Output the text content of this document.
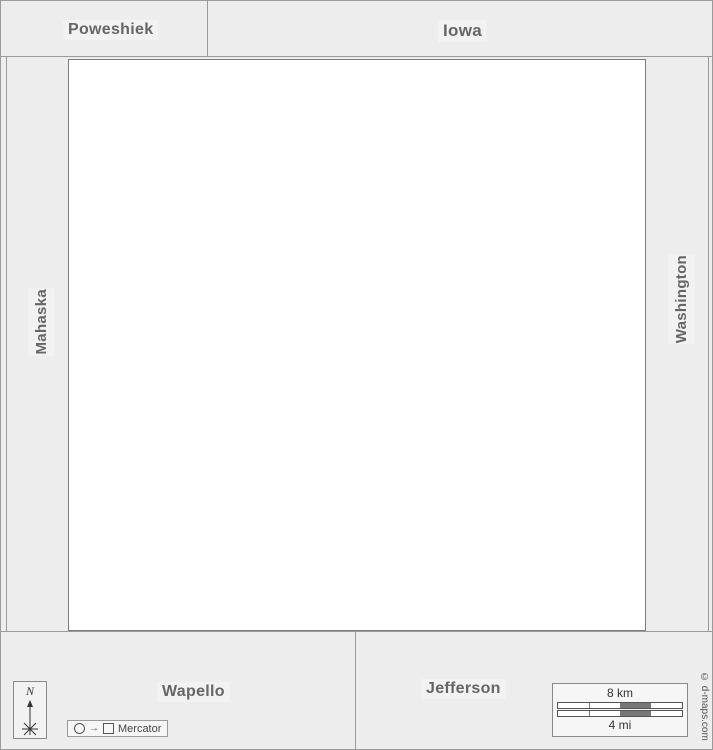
Poweshiek	Iowa
Mahaska	Washington
Wapello	Jefferson
N
→ Mercator
8 km
4 mi	© d-maps.com
